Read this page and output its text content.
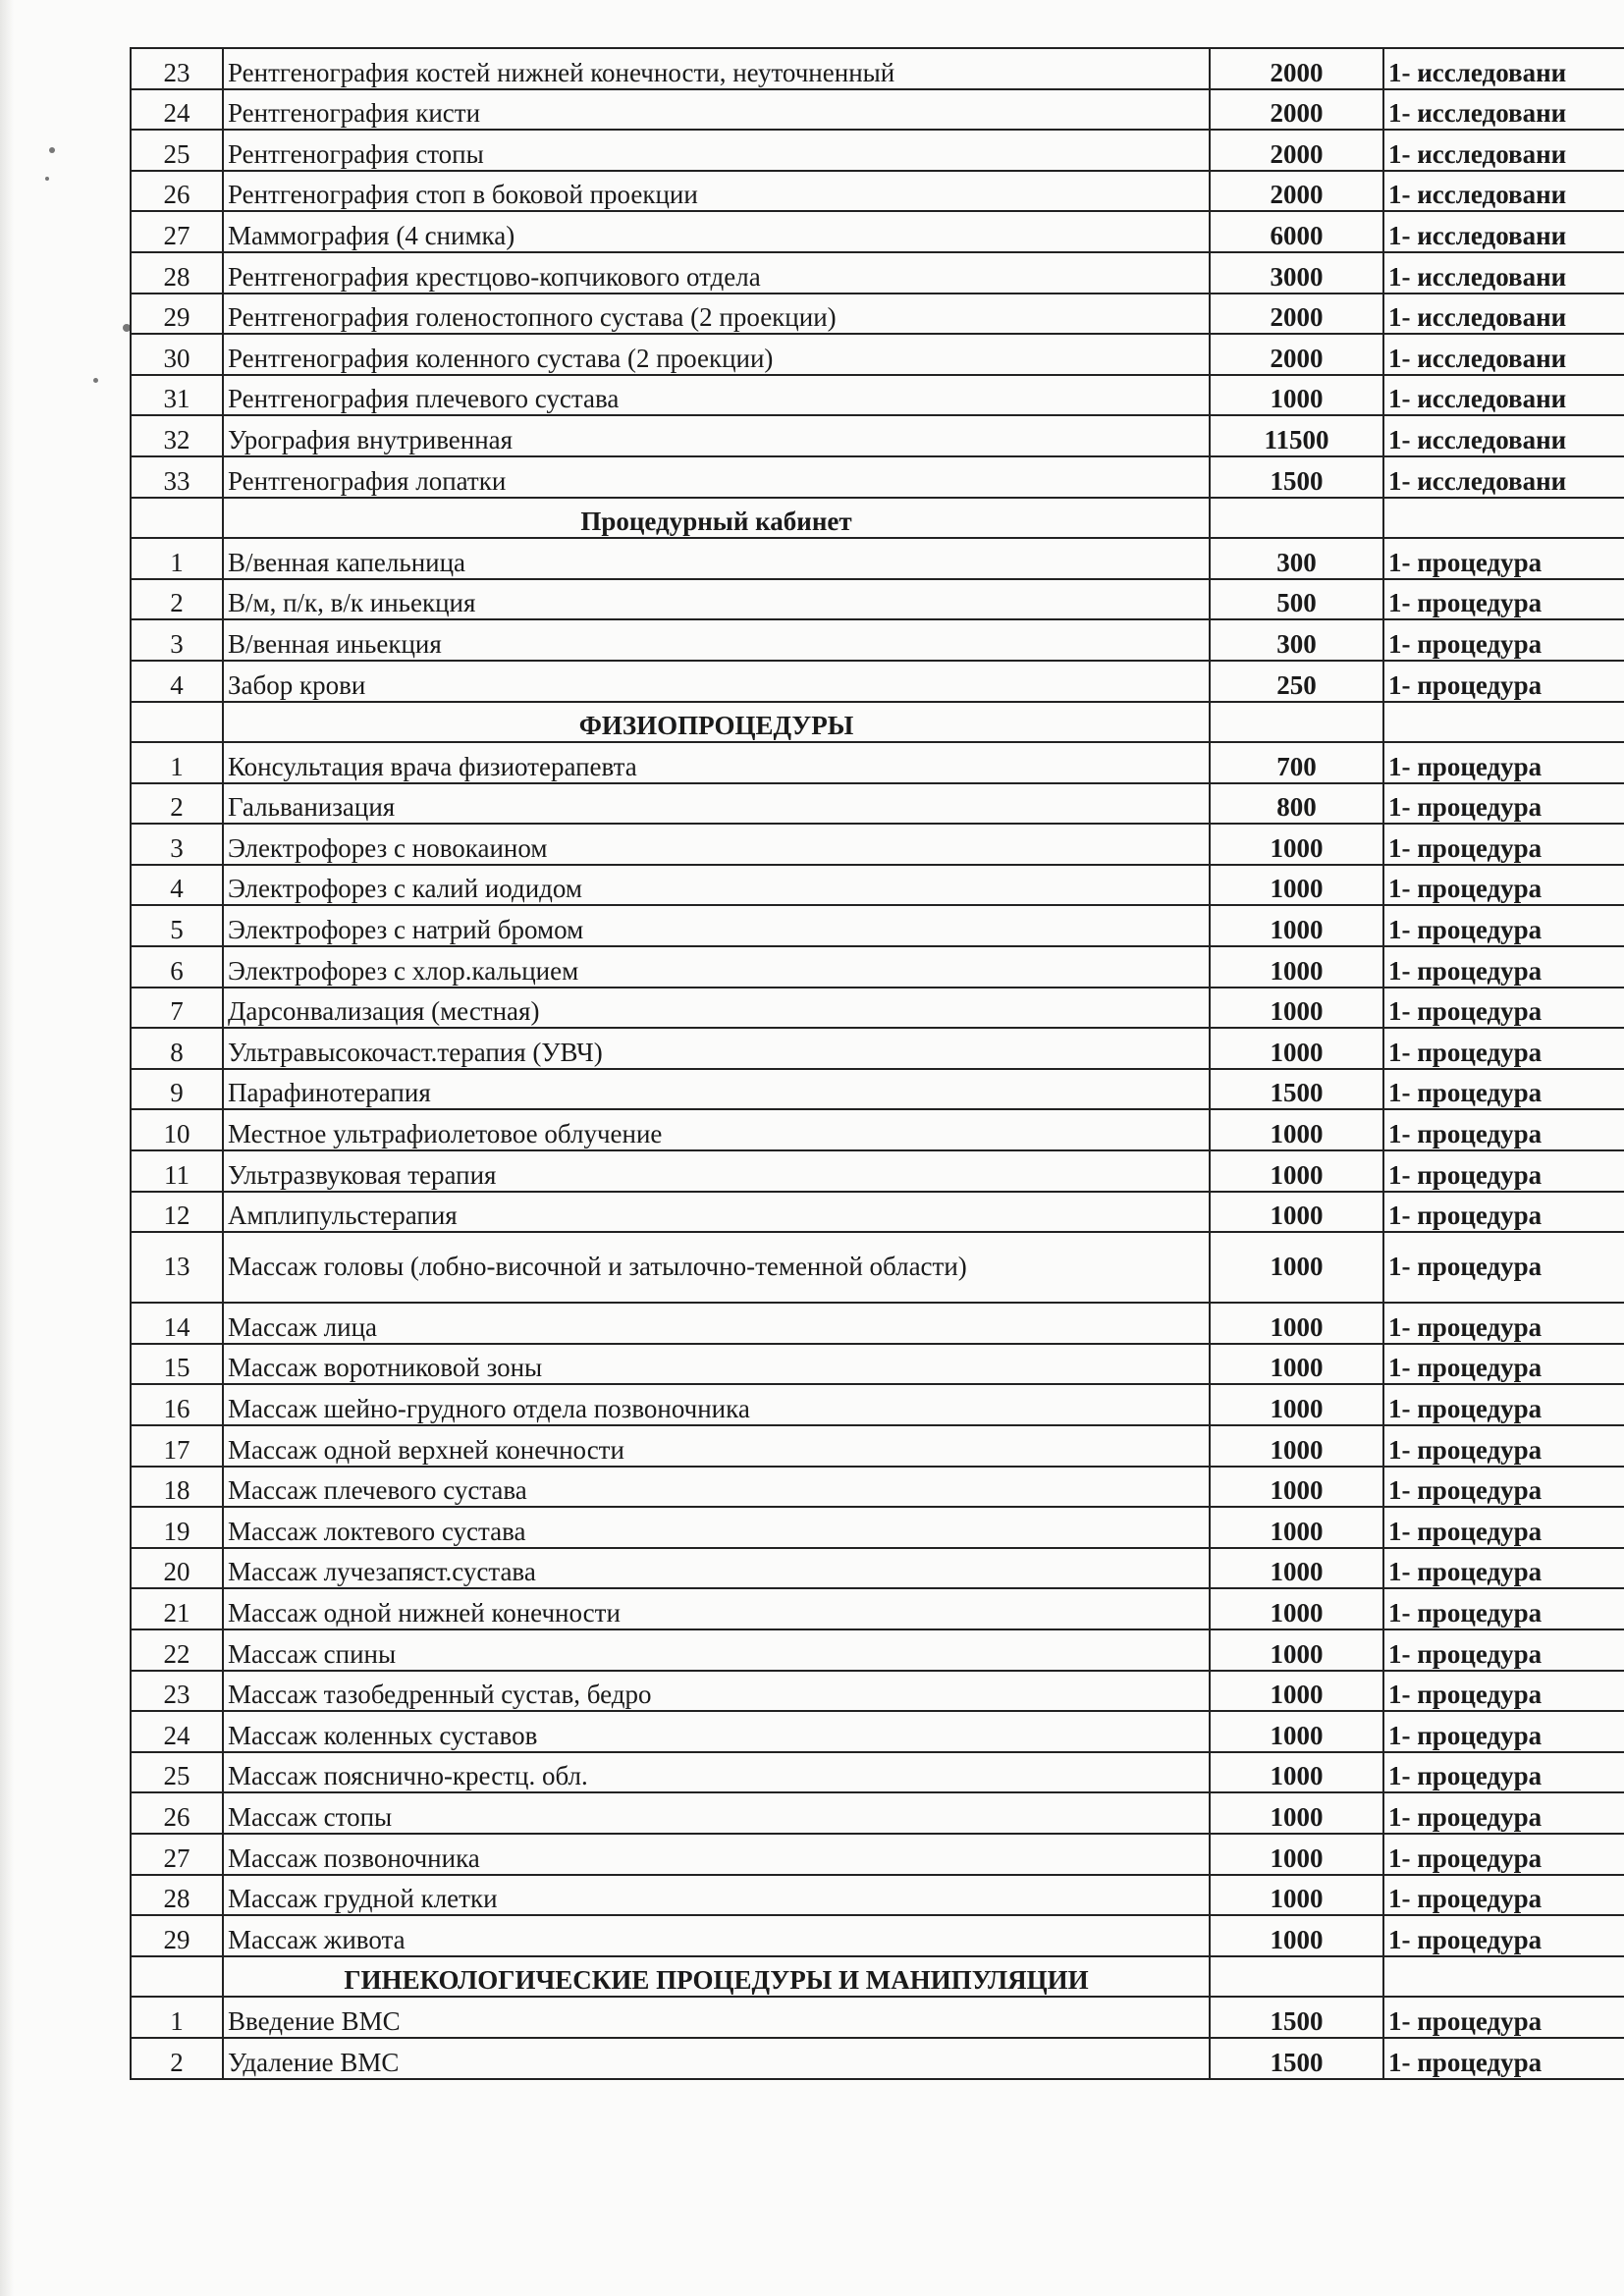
23	Рентгенография костей нижней конечности, неуточненный	2000	1- исследовани
24	Рентгенография кисти	2000	1- исследовани
25	Рентгенография стопы	2000	1- исследовани
26	Рентгенография стоп в боковой проекции	2000	1- исследовани
27	Маммография (4 снимка)	6000	1- исследовани
28	Рентгенография крестцово-копчикового отдела	3000	1- исследовани
29	Рентгенография голеностопного сустава (2 проекции)	2000	1- исследовани
30	Рентгенография коленного сустава (2 проекции)	2000	1- исследовани
31	Рентгенография плечевого сустава	1000	1- исследовани
32	Урография внутривенная	11500	1- исследовани
33	Рентгенография лопатки	1500	1- исследовани
	Процедурный кабинет		
1	В/венная капельница	300	1- процедура
2	В/м, п/к, в/к иньекция	500	1- процедура
3	В/венная иньекция	300	1- процедура
4	Забор крови	250	1- процедура
	ФИЗИОПРОЦЕДУРЫ		
1	Консультация врача физиотерапевта	700	1- процедура
2	Гальванизация	800	1- процедура
3	Электрофорез с новокаином	1000	1- процедура
4	Электрофорез с калий иодидом	1000	1- процедура
5	Электрофорез с натрий бромом	1000	1- процедура
6	Электрофорез с хлор.кальцием	1000	1- процедура
7	Дарсонвализация (местная)	1000	1- процедура
8	Ультравысокочаст.терапия (УВЧ)	1000	1- процедура
9	Парафинотерапия	1500	1- процедура
10	Местное ультрафиолетовое облучение	1000	1- процедура
11	Ультразвуковая терапия	1000	1- процедура
12	Амплипульстерапия	1000	1- процедура
13	Массаж головы (лобно-височной и затылочно-теменной области)	1000	1- процедура
14	Массаж лица	1000	1- процедура
15	Массаж воротниковой зоны	1000	1- процедура
16	Массаж шейно-грудного отдела позвоночника	1000	1- процедура
17	Массаж одной верхней конечности	1000	1- процедура
18	Массаж плечевого сустава	1000	1- процедура
19	Массаж локтевого сустава	1000	1- процедура
20	Массаж лучезапяст.сустава	1000	1- процедура
21	Массаж одной нижней конечности	1000	1- процедура
22	Массаж спины	1000	1- процедура
23	Массаж тазобедренный сустав, бедро	1000	1- процедура
24	Массаж коленных суставов	1000	1- процедура
25	Массаж пояснично-крестц. обл.	1000	1- процедура
26	Массаж стопы	1000	1- процедура
27	Массаж позвоночника	1000	1- процедура
28	Массаж грудной клетки	1000	1- процедура
29	Массаж живота	1000	1- процедура
	ГИНЕКОЛОГИЧЕСКИЕ ПРОЦЕДУРЫ И МАНИПУЛЯЦИИ		
1	Введение ВМС	1500	1- процедура
2	Удаление ВМС	1500	1- процедура
